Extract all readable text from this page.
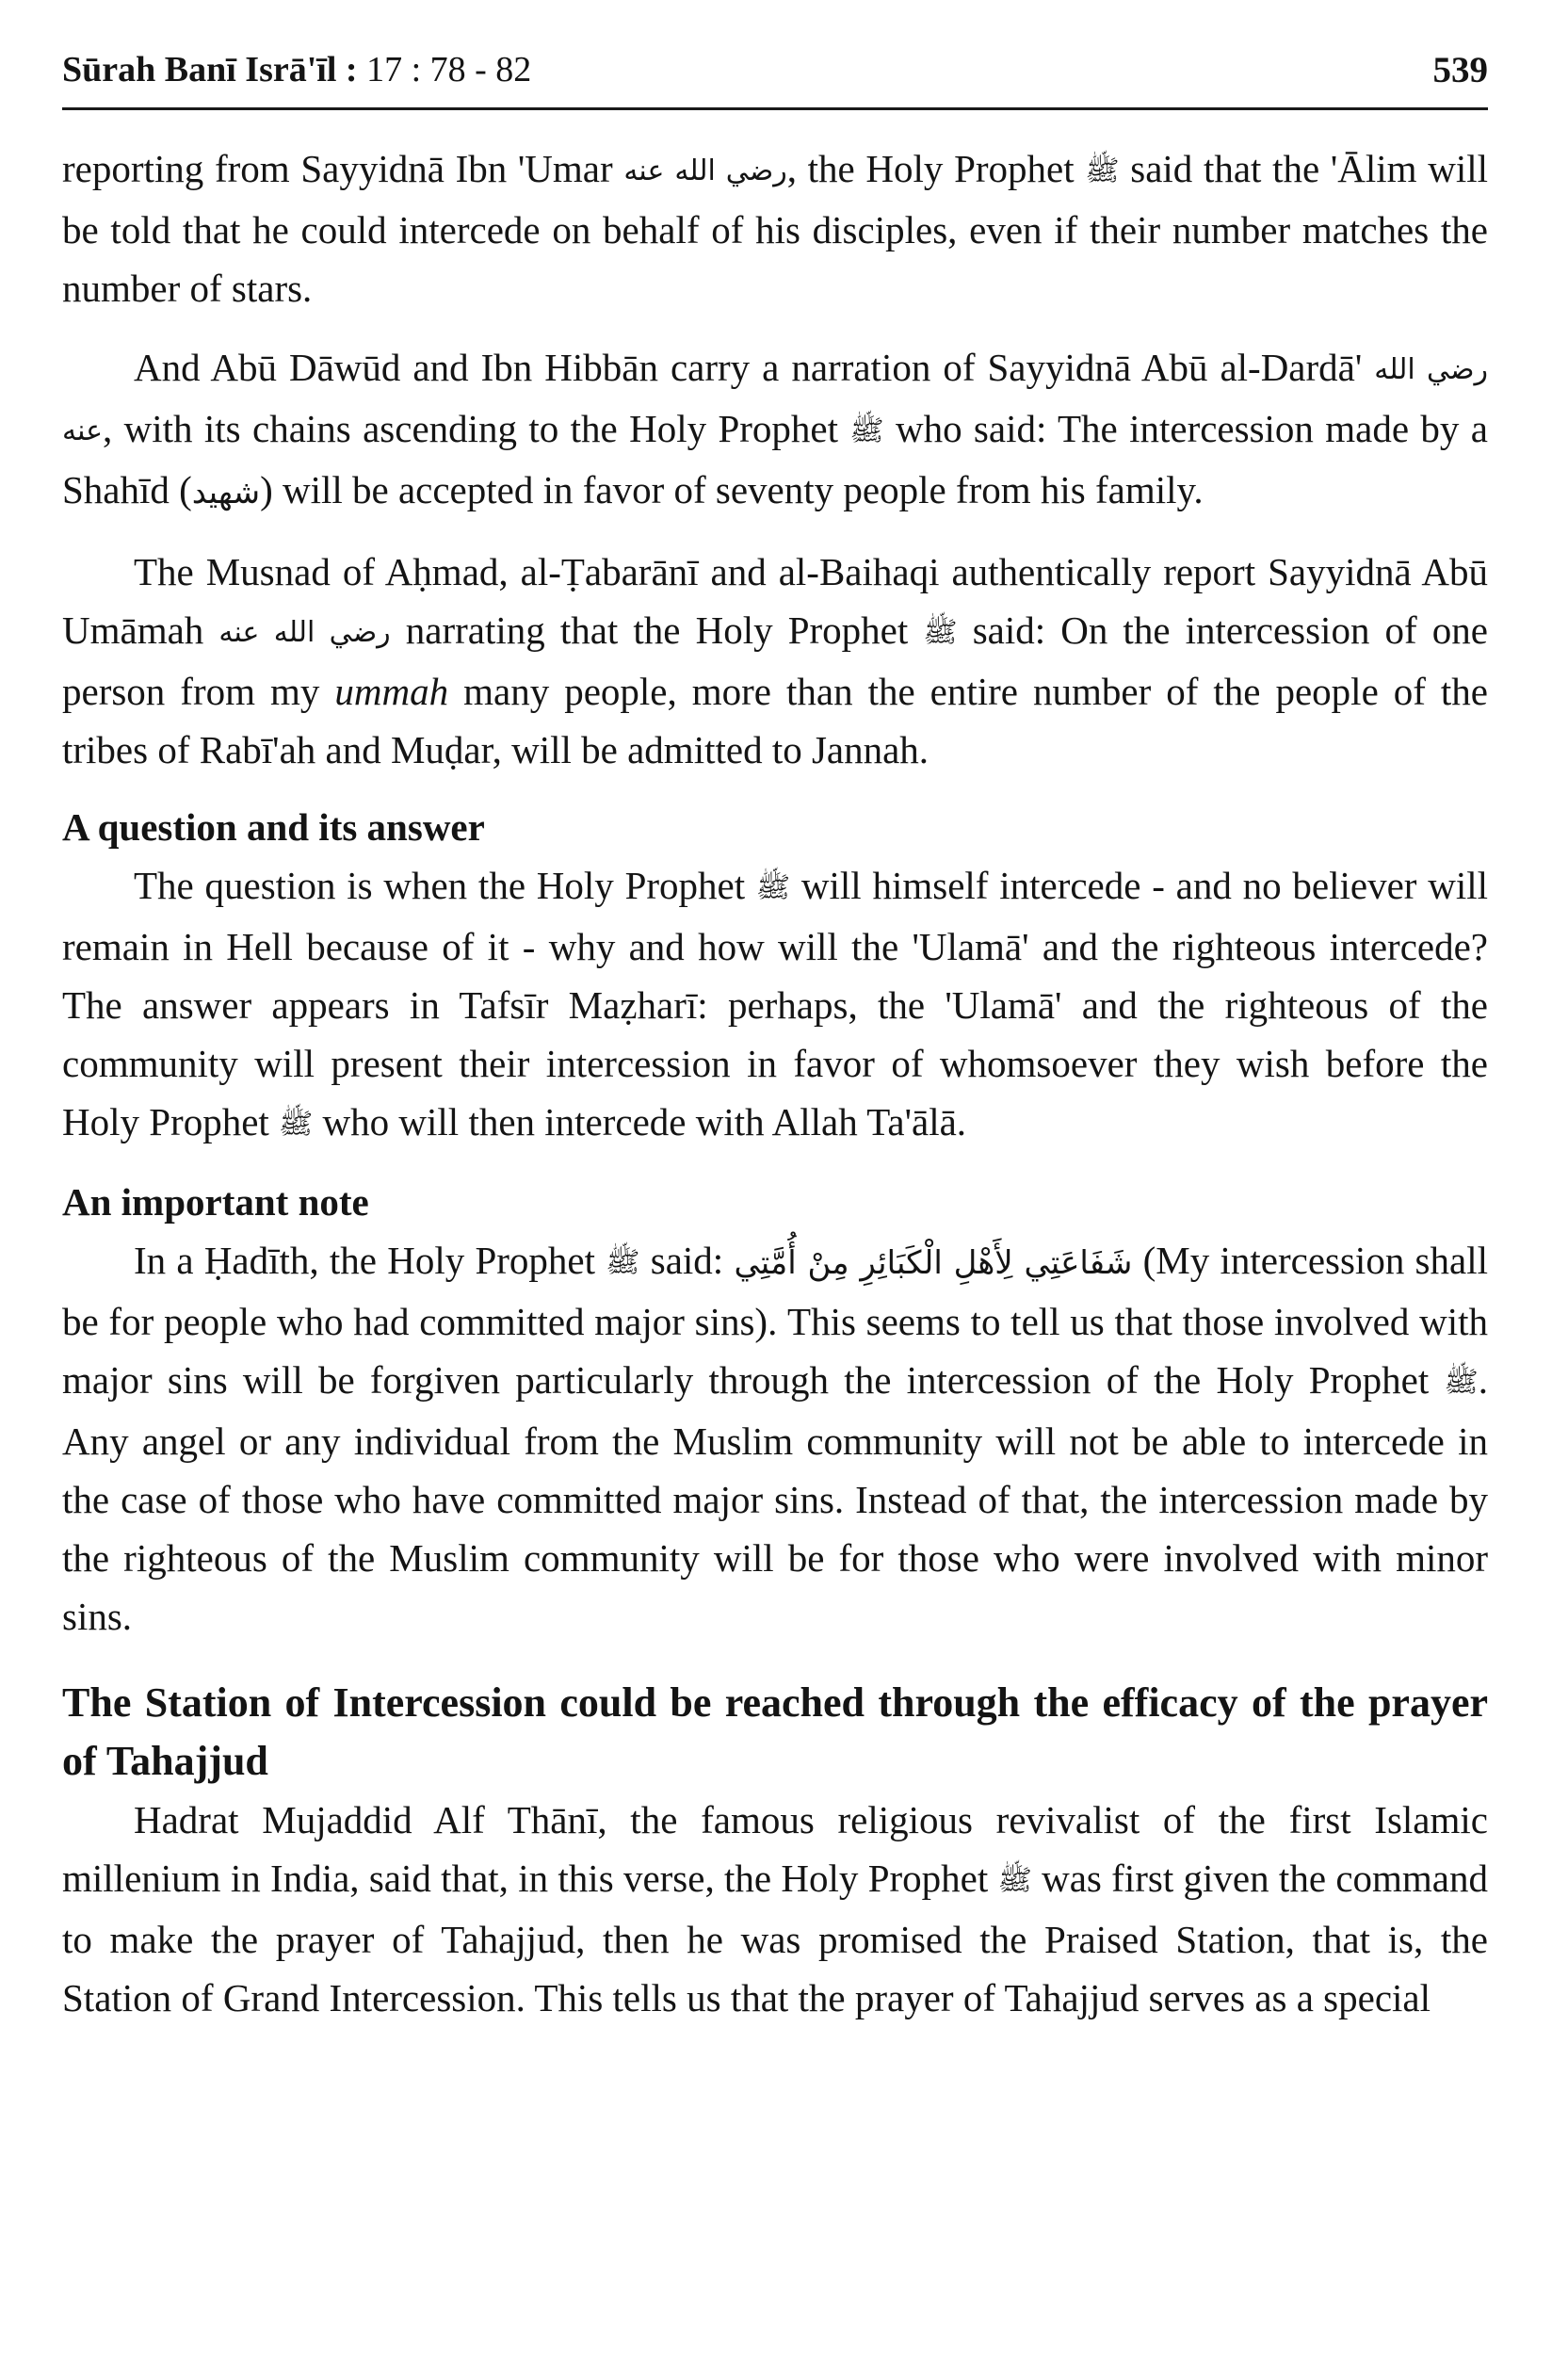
Sūrah Banī Isrā'īl : 17 : 78 - 82	539

reporting from Sayyidnā Ibn 'Umar رضي الله عنه, the Holy Prophet ﷺ said that the 'Ālim will be told that he could intercede on behalf of his disciples, even if their number matches the number of stars.

And Abū Dāwūd and Ibn Hibbān carry a narration of Sayyidnā Abū al-Dardā' رضي الله عنه, with its chains ascending to the Holy Prophet ﷺ who said: The intercession made by a Shahīd (شهيد) will be accepted in favor of seventy people from his family.

The Musnad of Aḥmad, al-Ṭabarānī and al-Baihaqi authentically report Sayyidnā Abū Umāmah رضي الله عنه narrating that the Holy Prophet ﷺ said: On the intercession of one person from my ummah many people, more than the entire number of the people of the tribes of Rabī'ah and Muḍar, will be admitted to Jannah.

A question and its answer

The question is when the Holy Prophet ﷺ will himself intercede - and no believer will remain in Hell because of it - why and how will the 'Ulamā' and the righteous intercede? The answer appears in Tafsīr Maẓharī: perhaps, the 'Ulamā' and the righteous of the community will present their intercession in favor of whomsoever they wish before the Holy Prophet ﷺ who will then intercede with Allah Ta'ālā.

An important note

In a Ḥadīth, the Holy Prophet ﷺ said: شَفَاعَتِي لِأَهْلِ الْكَبَائِرِ مِنْ أُمَّتِي (My intercession shall be for people who had committed major sins). This seems to tell us that those involved with major sins will be forgiven particularly through the intercession of the Holy Prophet ﷺ. Any angel or any individual from the Muslim community will not be able to intercede in the case of those who have committed major sins. Instead of that, the intercession made by the righteous of the Muslim community will be for those who were involved with minor sins.

The Station of Intercession could be reached through the efficacy of the prayer of Tahajjud

Hadrat Mujaddid Alf Thānī, the famous religious revivalist of the first Islamic millenium in India, said that, in this verse, the Holy Prophet ﷺ was first given the command to make the prayer of Tahajjud, then he was promised the Praised Station, that is, the Station of Grand Intercession. This tells us that the prayer of Tahajjud serves as a special
